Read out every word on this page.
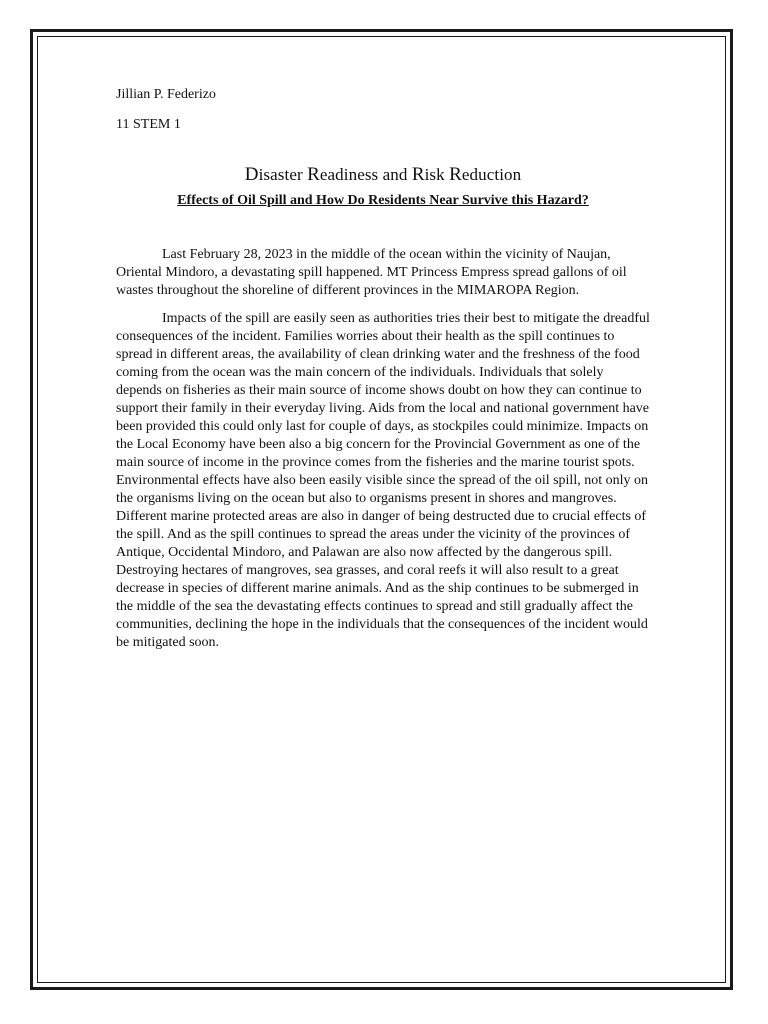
Jillian P. Federizo

11 STEM 1

Disaster Readiness and Risk Reduction

Effects of Oil Spill and How Do Residents Near Survive this Hazard?

Last February 28, 2023 in the middle of the ocean within the vicinity of Naujan, Oriental Mindoro, a devastating spill happened. MT Princess Empress spread gallons of oil wastes throughout the shoreline of different provinces in the MIMAROPA Region.

Impacts of the spill are easily seen as authorities tries their best to mitigate the dreadful consequences of the incident. Families worries about their health as the spill continues to spread in different areas, the availability of clean drinking water and the freshness of the food coming from the ocean was the main concern of the individuals. Individuals that solely depends on fisheries as their main source of income shows doubt on how they can continue to support their family in their everyday living. Aids from the local and national government have been provided this could only last for couple of days, as stockpiles could minimize. Impacts on the Local Economy have been also a big concern for the Provincial Government as one of the main source of income in the province comes from the fisheries and the marine tourist spots. Environmental effects have also been easily visible since the spread of the oil spill, not only on the organisms living on the ocean but also to organisms present in shores and mangroves. Different marine protected areas are also in danger of being destructed due to crucial effects of the spill. And as the spill continues to spread the areas under the vicinity of the provinces of Antique, Occidental Mindoro, and Palawan are also now affected by the dangerous spill. Destroying hectares of mangroves, sea grasses, and coral reefs it will also result to a great decrease in species of different marine animals. And as the ship continues to be submerged in the middle of the sea the devastating effects continues to spread and still gradually affect the communities, declining the hope in the individuals that the consequences of the incident would be mitigated soon.
